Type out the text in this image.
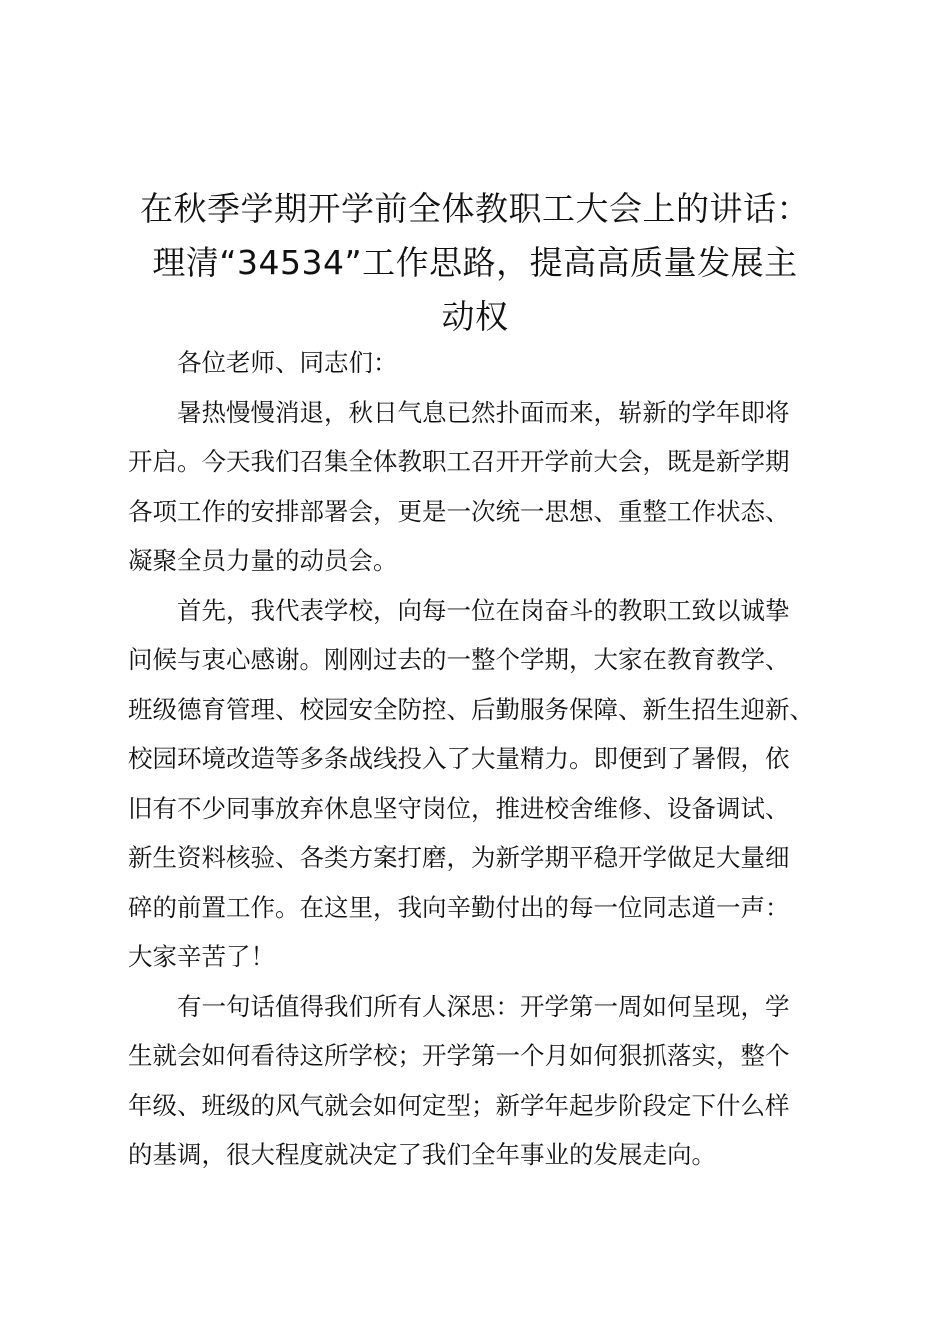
在秋季学期开学前全体教职工大会上的讲话：
理清“34534”工作思路，提高高质量发展主
动权

各位老师、同志们：

暑热慢慢消退，秋日气息已然扑面而来，崭新的学年即将
开启。今天我们召集全体教职工召开开学前大会，既是新学期
各项工作的安排部署会，更是一次统一思想、重整工作状态、
凝聚全员力量的动员会。

首先，我代表学校，向每一位在岗奋斗的教职工致以诚挚
问候与衷心感谢。刚刚过去的一整个学期，大家在教育教学、
班级德育管理、校园安全防控、后勤服务保障、新生招生迎新、
校园环境改造等多条战线投入了大量精力。即便到了暑假，依
旧有不少同事放弃休息坚守岗位，推进校舍维修、设备调试、
新生资料核验、各类方案打磨，为新学期平稳开学做足大量细
碎的前置工作。在这里，我向辛勤付出的每一位同志道一声：
大家辛苦了！

有一句话值得我们所有人深思：开学第一周如何呈现，学
生就会如何看待这所学校；开学第一个月如何狠抓落实，整个
年级、班级的风气就会如何定型；新学年起步阶段定下什么样
的基调，很大程度就决定了我们全年事业的发展走向。
